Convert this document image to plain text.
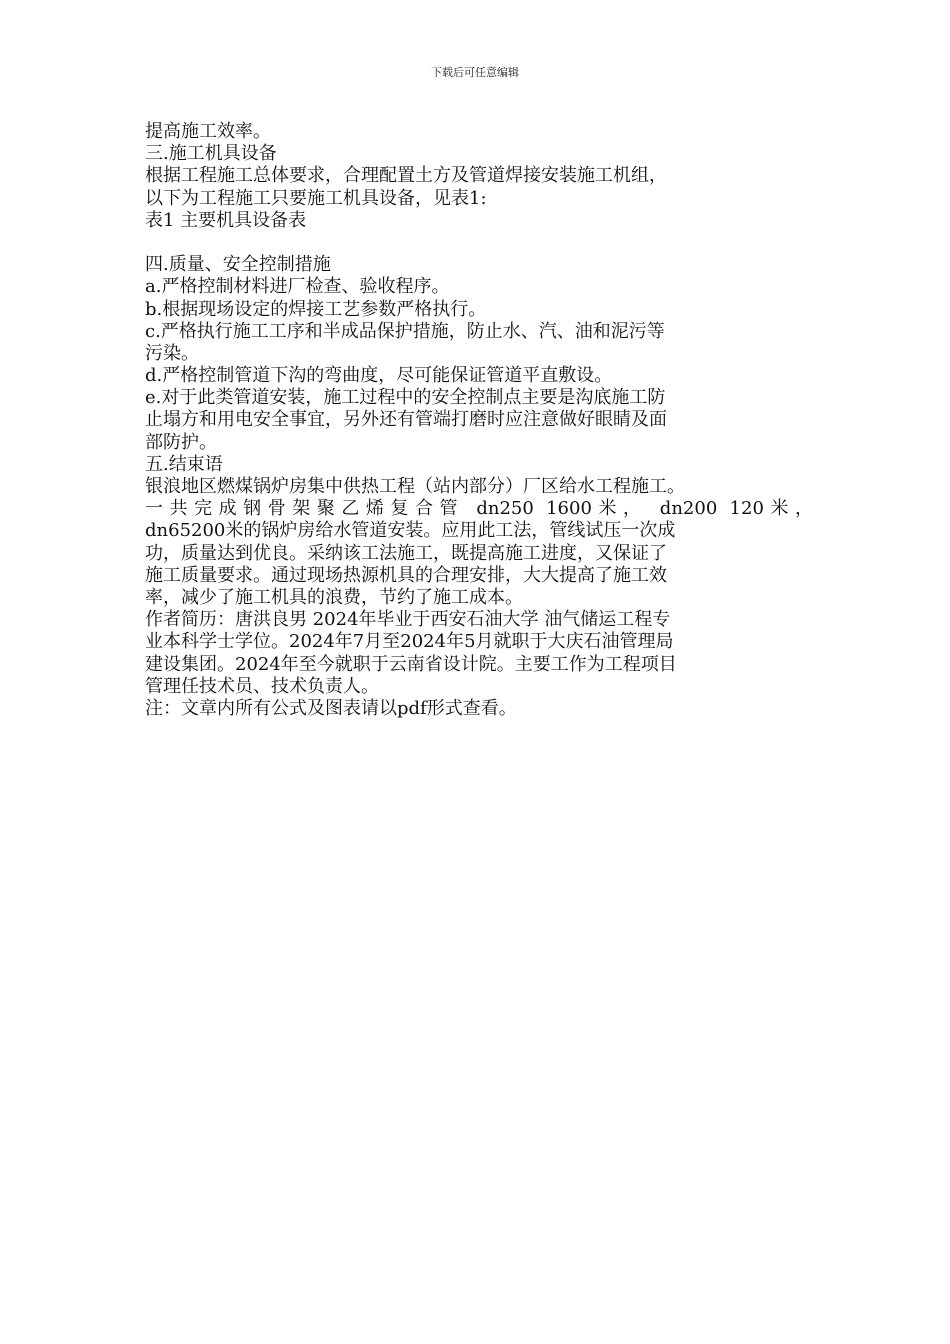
下载后可任意编辑
提高施工效率。
三.施工机具设备
根据工程施工总体要求，合理配置土方及管道焊接安装施工机组，
以下为工程施工只要施工机具设备，见表1:
表1 主要机具设备表
四.质量、安全控制措施
a.严格控制材料进厂检查、验收程序。
b.根据现场设定的焊接工艺参数严格执行。
c.严格执行施工工序和半成品保护措施，防止水、汽、油和泥污等
污染。
d.严格控制管道下沟的弯曲度，尽可能保证管道平直敷设。
e.对于此类管道安装，施工过程中的安全控制点主要是沟底施工防
止塌方和用电安全事宜，另外还有管端打磨时应注意做好眼睛及面
部防护。
五.结束语
银浪地区燃煤锅炉房集中供热工程（站内部分）厂区给水工程施工。
一共完成钢骨架聚乙烯复合管 dn250 1600米， dn200 120米，
dn65200米的锅炉房给水管道安装。应用此工法，管线试压一次成
功，质量达到优良。采纳该工法施工，既提高施工进度，又保证了
施工质量要求。通过现场热源机具的合理安排，大大提高了施工效
率，减少了施工机具的浪费，节约了施工成本。
作者简历：唐洪良男 2024年毕业于西安石油大学 油气储运工程专
业本科学士学位。2024年7月至2024年5月就职于大庆石油管理局
建设集团。2024年至今就职于云南省设计院。主要工作为工程项目
管理任技术员、技术负责人。
注：文章内所有公式及图表请以pdf形式查看。
